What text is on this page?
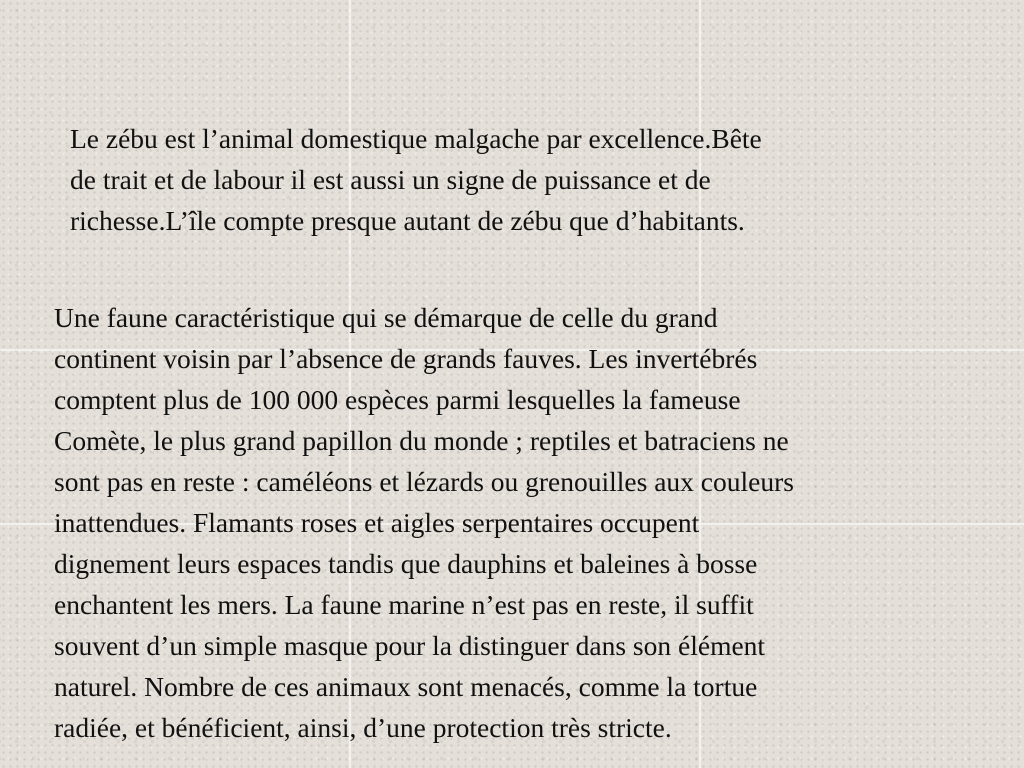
Le zébu est l’animal domestique malgache par excellence.Bête
de trait et de labour il est aussi un signe de puissance et de
richesse.L’île compte presque autant de zébu que d’habitants.

Une faune caractéristique qui se démarque de celle du grand
continent voisin par l’absence de grands fauves. Les invertébrés
comptent plus de 100 000 espèces parmi lesquelles la fameuse
Comète, le plus grand papillon du monde ; reptiles et batraciens ne
sont pas en reste : caméléons et lézards ou grenouilles aux couleurs
inattendues. Flamants roses et aigles serpentaires occupent
dignement leurs espaces tandis que dauphins et baleines à bosse
enchantent les mers. La faune marine n’est pas en reste, il suffit
souvent d’un simple masque pour la distinguer dans son élément
naturel. Nombre de ces animaux sont menacés, comme la tortue
radiée, et bénéficient, ainsi, d’une protection très stricte.
